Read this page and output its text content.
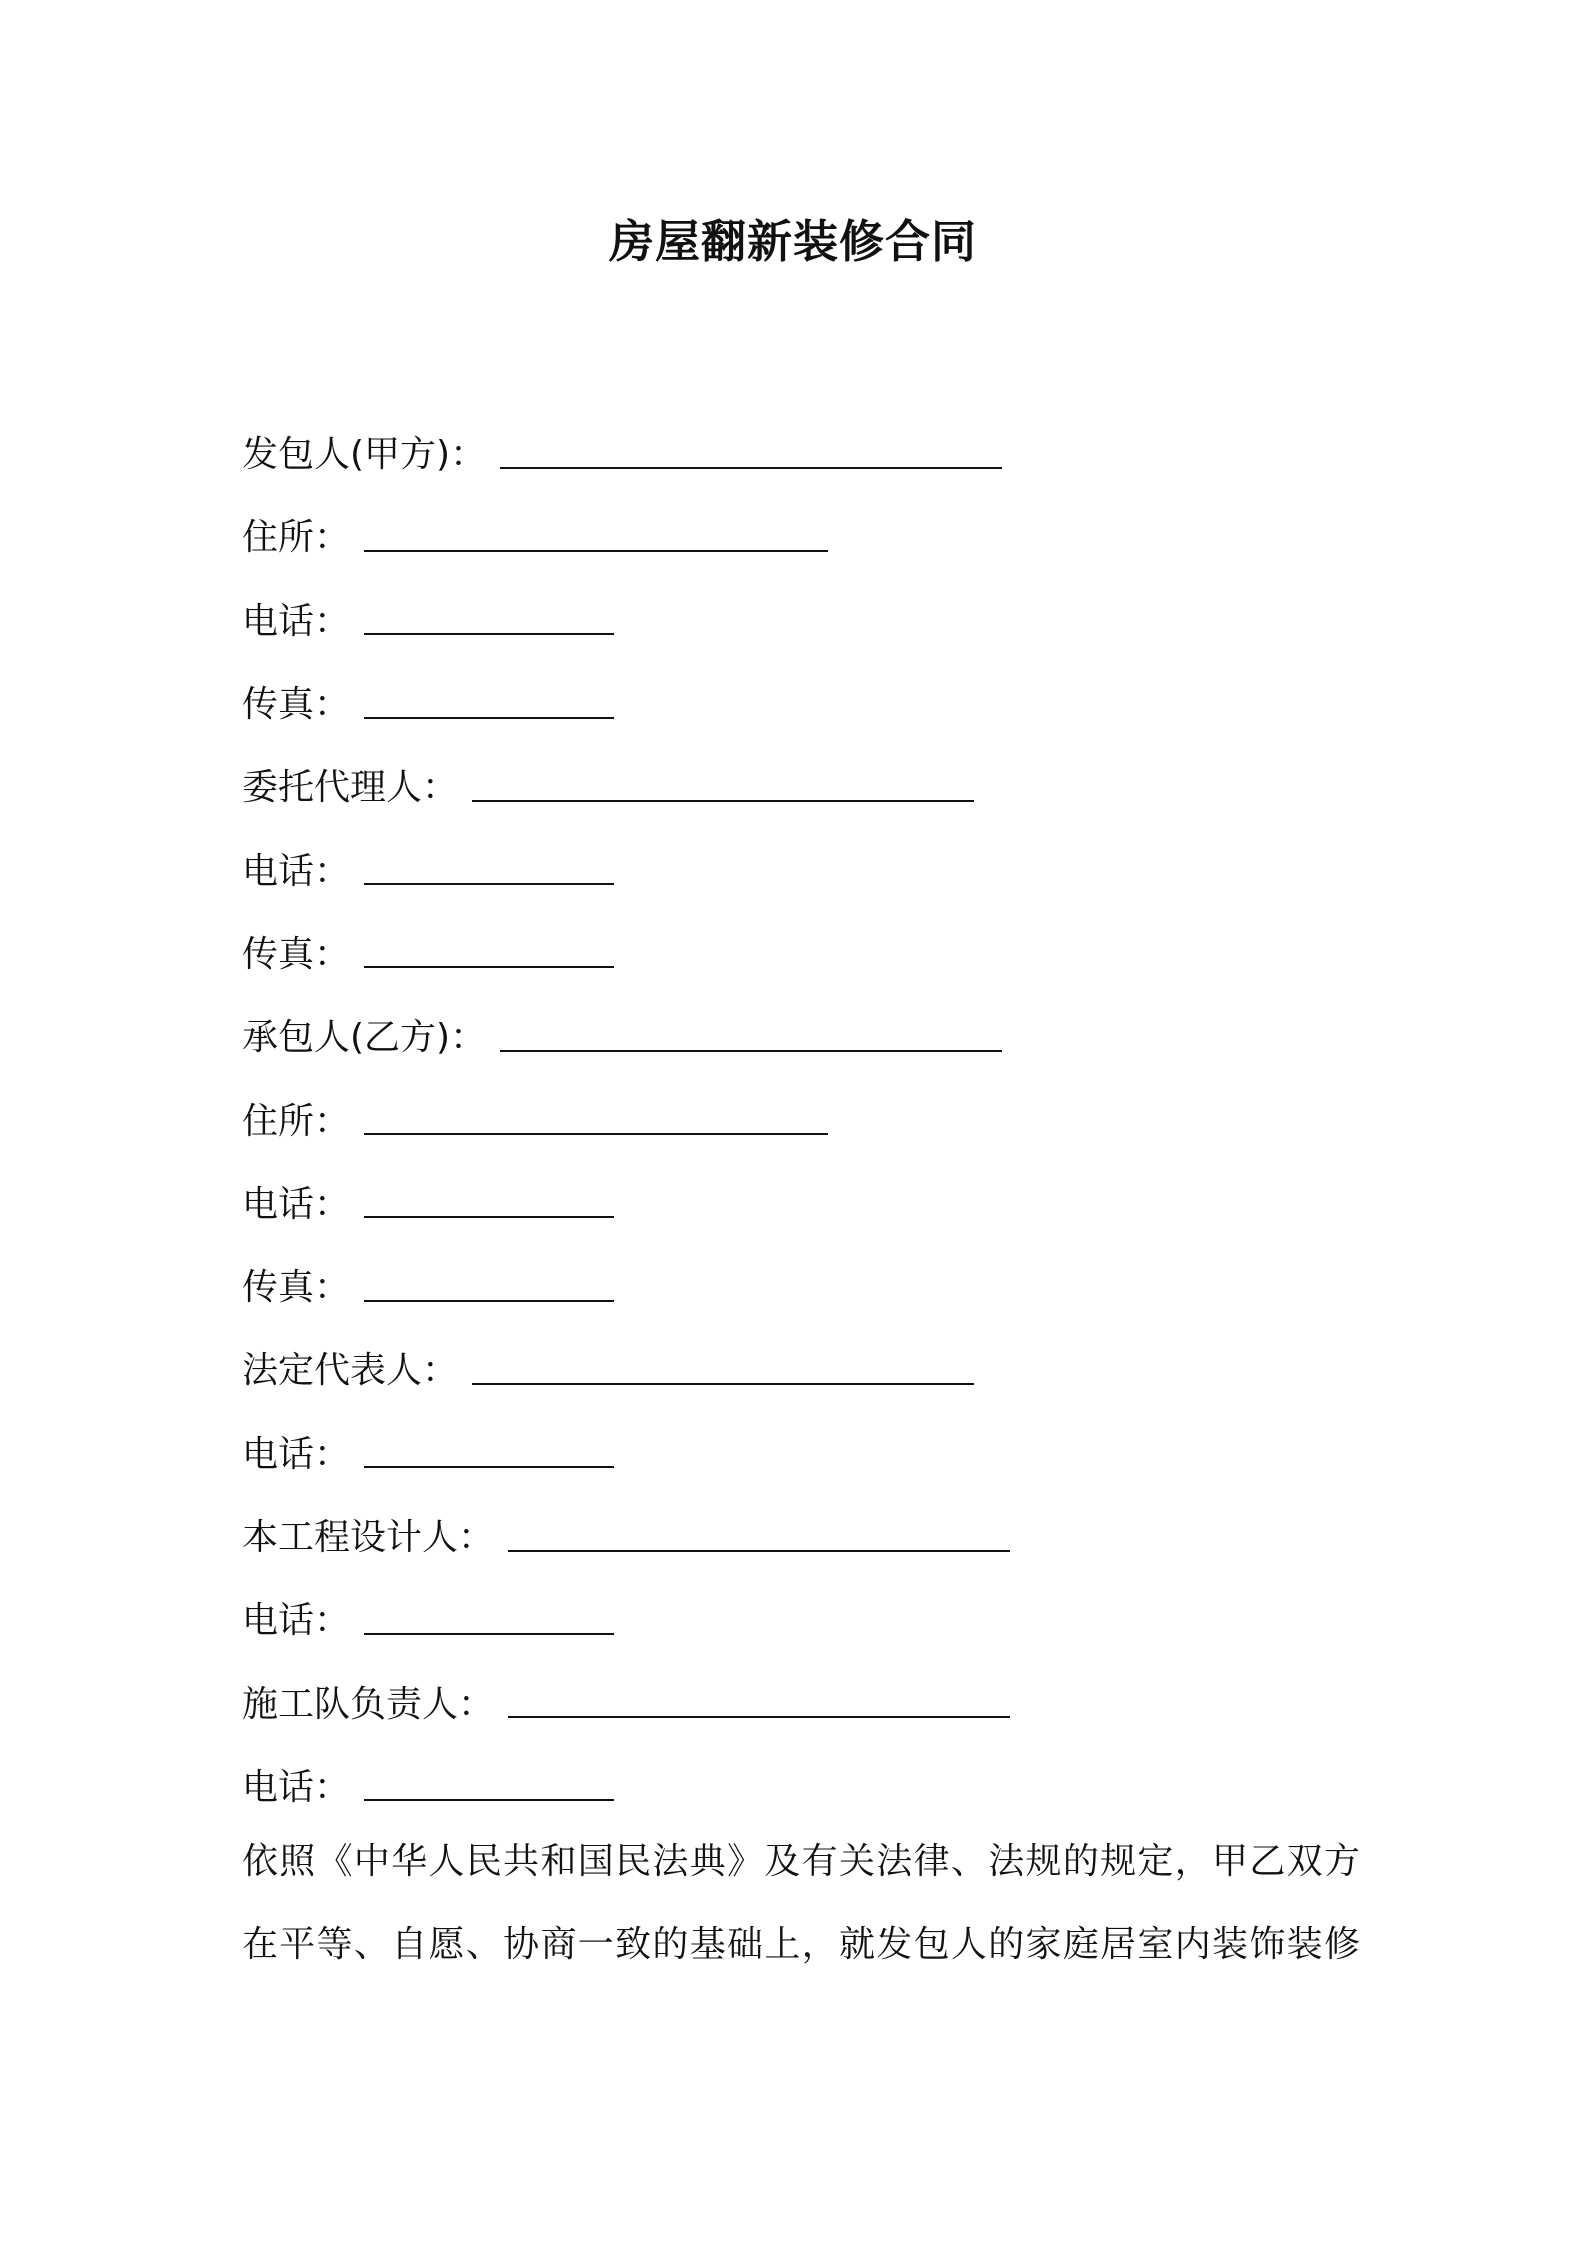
房屋翻新装修合同
发包人(甲方)：
住所：
电话：
传真：
委托代理人：
电话：
传真：
承包人(乙方)：
住所：
电话：
传真：
法定代表人：
电话：
本工程设计人：
电话：
施工队负责人：
电话：

依照《中华人民共和国民法典》及有关法律、法规的规定，甲乙双方
在平等、自愿、协商一致的基础上，就发包人的家庭居室内装饰装修
